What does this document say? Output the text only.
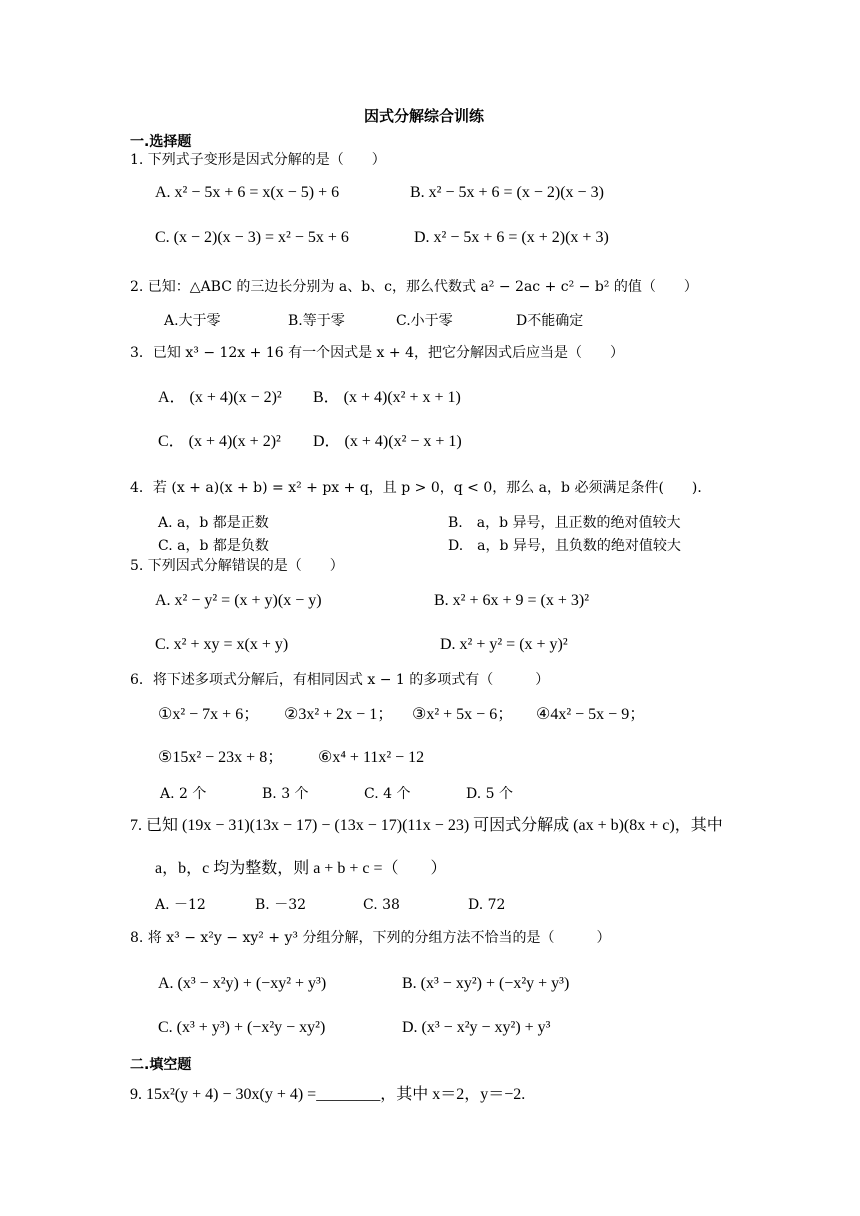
因式分解综合训练
一.选择题
1. 下列式子变形是因式分解的是（　　）
A. x² − 5x + 6 = x(x − 5) + 6	B. x² − 5x + 6 = (x − 2)(x − 3)
C. (x − 2)(x − 3) = x² − 5x + 6	D. x² − 5x + 6 = (x + 2)(x + 3)
2. 已知：△ABC 的三边长分别为 a、b、c，那么代数式 a² − 2ac + c² − b² 的值（　　）
A.大于零	B.等于零	C.小于零	D不能确定
3．已知 x³ − 12x + 16 有一个因式是 x + 4，把它分解因式后应当是（　　）
A． (x + 4)(x − 2)² B． (x + 4)(x² + x + 1)
C． (x + 4)(x + 2)² D． (x + 4)(x² − x + 1)
4．若 (x + a)(x + b) = x² + px + q，且 p > 0，q < 0，那么 a，b 必须满足条件(　　)．
A. a，b 都是正数	B.　a，b 异号，且正数的绝对值较大
C. a，b 都是负数	D.　a，b 异号，且负数的绝对值较大
5. 下列因式分解错误的是（　　）
A. x² − y² = (x + y)(x − y)	B. x² + 6x + 9 = (x + 3)²
C. x² + xy = x(x + y)	D. x² + y² = (x + y)²
6．将下述多项式分解后，有相同因式 x − 1 的多项式有（　　　）
①x² − 7x + 6； ②3x² + 2x − 1； ③x² + 5x − 6； ④4x² − 5x − 9；
⑤15x² − 23x + 8； ⑥x⁴ + 11x² − 12
A. 2 个	B. 3 个	C. 4 个	D. 5 个
7. 已知 (19x − 31)(13x − 17) − (13x − 17)(11x − 23) 可因式分解成 (ax + b)(8x + c)，其中
a，b，c 均为整数，则 a + b + c =（　　）
A. －12	B. －32	C. 38	D. 72
8. 将 x³ − x²y − xy² + y³ 分组分解，下列的分组方法不恰当的是（　　　）
A. (x³ − x²y) + (−xy² + y³)	B. (x³ − xy²) + (−x²y + y³)
C. (x³ + y³) + (−x²y − xy²)	D. (x³ − x²y − xy²) + y³
二.填空题
9. 15x²(y + 4) − 30x(y + 4) =________，其中 x＝2，y＝−2.
